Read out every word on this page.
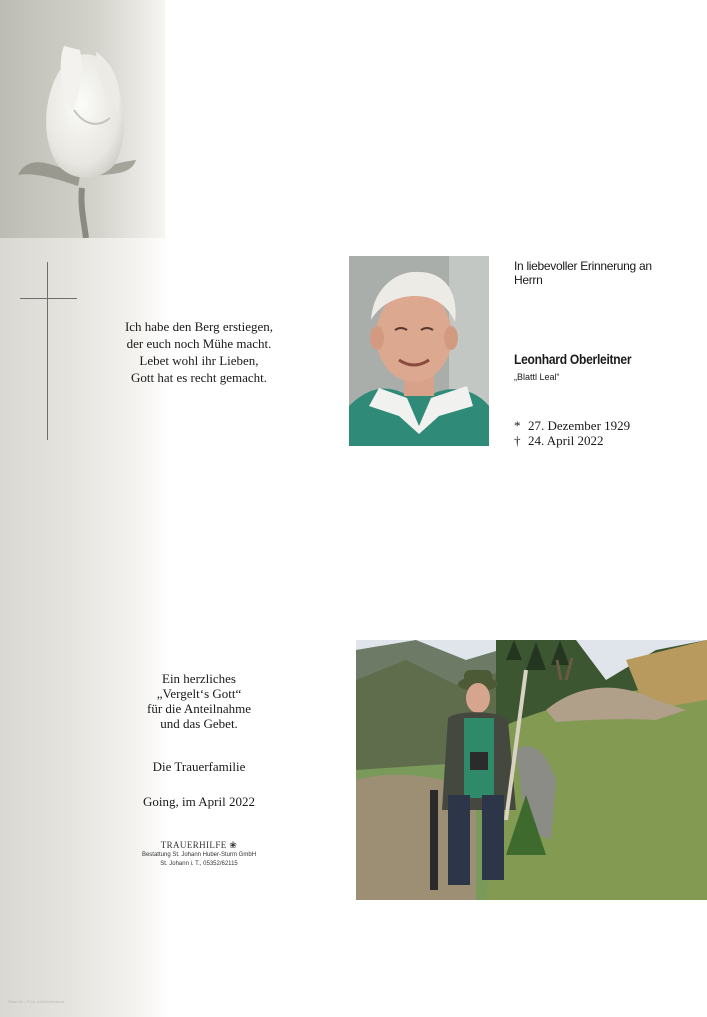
Ich habe den Berg erstiegen,
der euch noch Mühe macht.
Lebet wohl ihr Lieben,
Gott hat es recht gemacht.
In liebevoller Erinnerung an
Herrn
Leonhard Oberleitner
„Blattl Leal“
* 27. Dezember 1929
† 24. April 2022
Ein herzliches
„Vergelt‘s Gott“
für die Anteilnahme
und das Gebet.
Die Trauerfamilie
Going, im April 2022
TRAUERHILFE ❀
Bestattung St. Johann Huber-Sturm GmbH
St. Johann i. T., 05352/62115
Rose #0 – © by wsl/Adobestock
